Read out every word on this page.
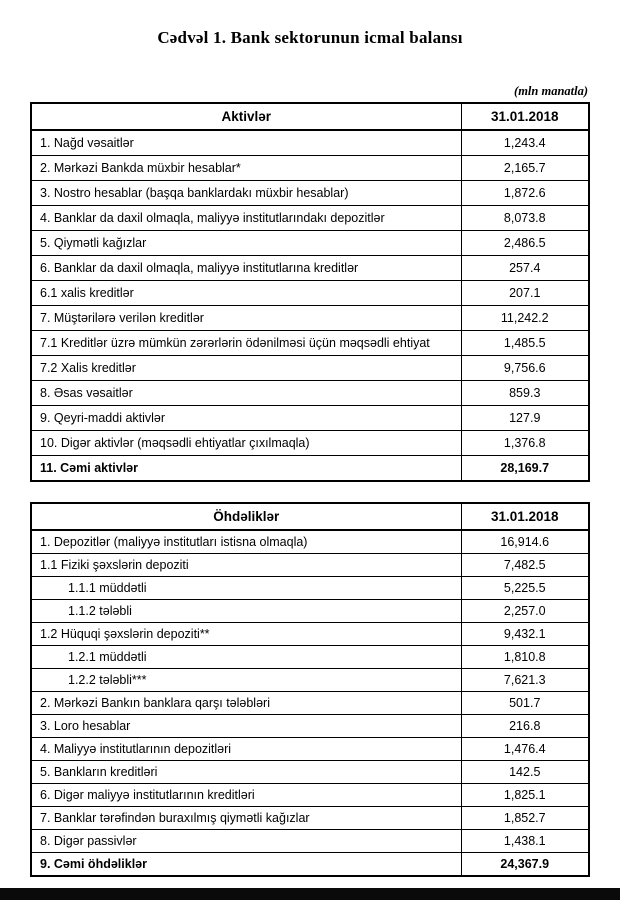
Cədvəl 1. Bank sektorunun icmal balansı
(mln manatla)
Aktivlər	31.01.2018
1. Nağd vəsaitlər	1,243.4
2. Mərkəzi Bankda müxbir hesablar*	2,165.7
3. Nostro hesablar (başqa banklardakı müxbir hesablar)	1,872.6
4. Banklar da daxil olmaqla, maliyyə institutlarındakı depozitlər	8,073.8
5. Qiymətli kağızlar	2,486.5
6. Banklar da daxil olmaqla, maliyyə institutlarına kreditlər	257.4
6.1 xalis kreditlər	207.1
7. Müştərilərə verilən kreditlər	11,242.2
7.1 Kreditlər üzrə mümkün zərərlərin ödənilməsi üçün məqsədli ehtiyat	1,485.5
7.2 Xalis kreditlər	9,756.6
8. Əsas vəsaitlər	859.3
9. Qeyri-maddi aktivlər	127.9
10. Digər aktivlər (məqsədli ehtiyatlar çıxılmaqla)	1,376.8
11. Cəmi aktivlər	28,169.7
Öhdəliklər	31.01.2018
1. Depozitlər (maliyyə institutları istisna olmaqla)	16,914.6
1.1 Fiziki şəxslərin depoziti	7,482.5
1.1.1 müddətli	5,225.5
1.1.2 tələbli	2,257.0
1.2 Hüquqi şəxslərin depoziti**	9,432.1
1.2.1 müddətli	1,810.8
1.2.2 tələbli***	7,621.3
2. Mərkəzi Bankın banklara qarşı tələbləri	501.7
3. Loro hesablar	216.8
4. Maliyyə institutlarının depozitləri	1,476.4
5. Bankların kreditləri	142.5
6. Digər maliyyə institutlarının kreditləri	1,825.1
7. Banklar tərəfindən buraxılmış qiymətli kağızlar	1,852.7
8. Digər passivlər	1,438.1
9. Cəmi öhdəliklər	24,367.9
